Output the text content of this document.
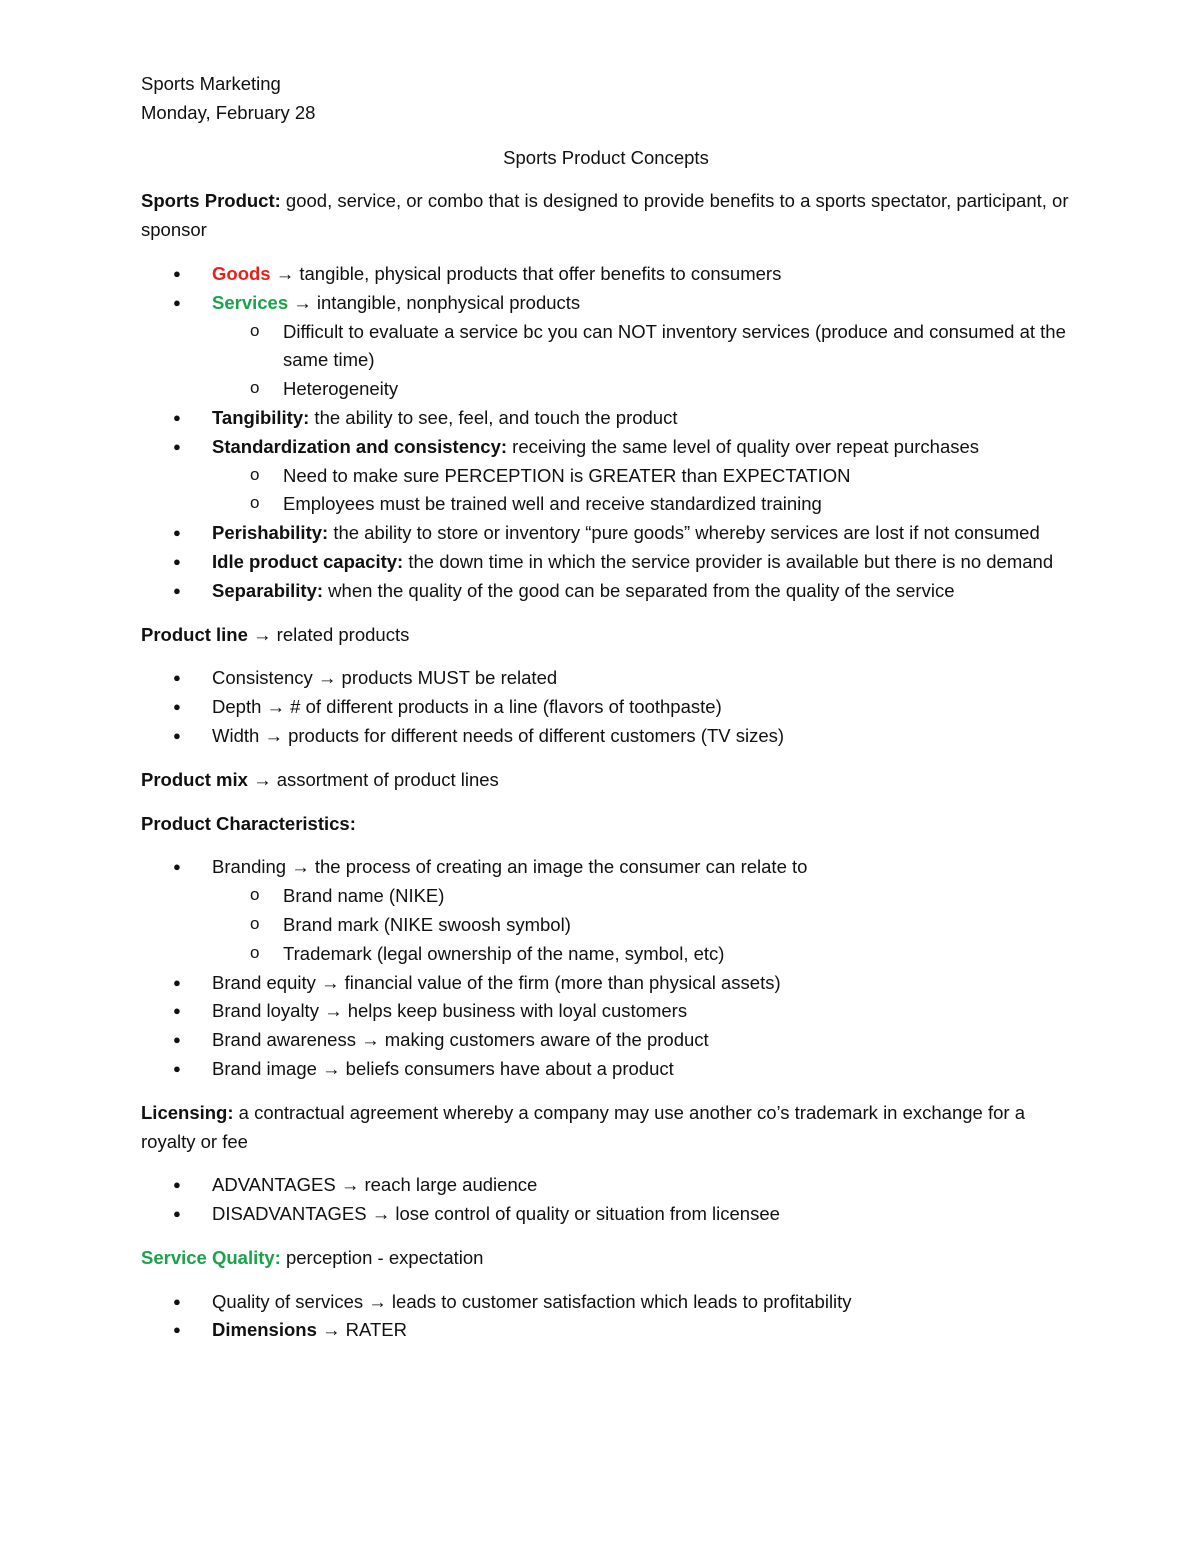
Sports Marketing
Monday, February 28
Sports Product Concepts
Sports Product: good, service, or combo that is designed to provide benefits to a sports spectator, participant, or sponsor
● Goods → tangible, physical products that offer benefits to consumers
● Services → intangible, nonphysical products
o Difficult to evaluate a service bc you can NOT inventory services (produce and consumed at the same time)
o Heterogeneity
● Tangibility: the ability to see, feel, and touch the product
● Standardization and consistency: receiving the same level of quality over repeat purchases
o Need to make sure PERCEPTION is GREATER than EXPECTATION
o Employees must be trained well and receive standardized training
● Perishability: the ability to store or inventory “pure goods” whereby services are lost if not consumed
● Idle product capacity: the down time in which the service provider is available but there is no demand
● Separability: when the quality of the good can be separated from the quality of the service
Product line → related products
● Consistency → products MUST be related
● Depth → # of different products in a line (flavors of toothpaste)
● Width → products for different needs of different customers (TV sizes)
Product mix → assortment of product lines
Product Characteristics:
● Branding → the process of creating an image the consumer can relate to
o Brand name (NIKE)
o Brand mark (NIKE swoosh symbol)
o Trademark (legal ownership of the name, symbol, etc)
● Brand equity → financial value of the firm (more than physical assets)
● Brand loyalty → helps keep business with loyal customers
● Brand awareness → making customers aware of the product
● Brand image → beliefs consumers have about a product
Licensing: a contractual agreement whereby a company may use another co’s trademark in exchange for a royalty or fee
● ADVANTAGES → reach large audience
● DISADVANTAGES → lose control of quality or situation from licensee
Service Quality: perception - expectation
● Quality of services → leads to customer satisfaction which leads to profitability
● Dimensions → RATER
